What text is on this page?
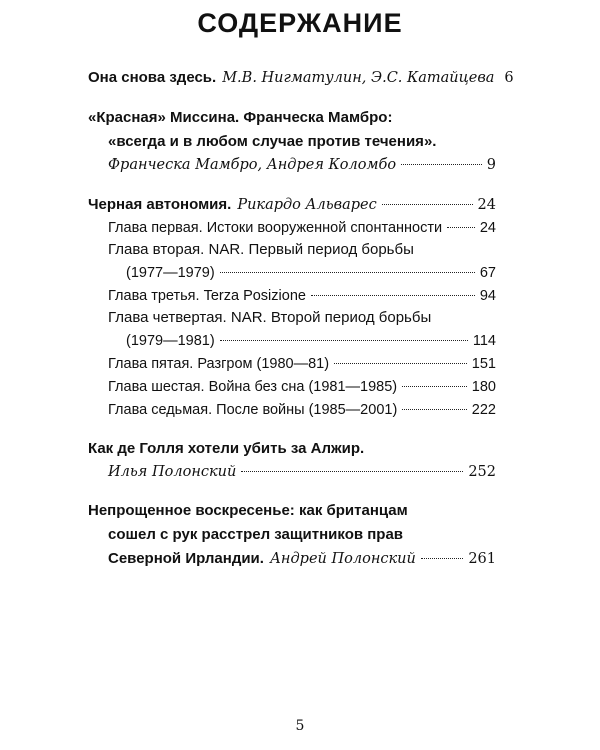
СОДЕРЖАНИЕ
Она снова здесь. М.В. Нигматулин, Э.С. Катайцева 6
«Красная» Миссина. Франческа Мамбро:
«всегда и в любом случае против течения».
Франческа Мамбро, Андрея Коломбо	9
Черная автономия. Рикардо Альварес	24
Глава первая. Истоки вооруженной спонтанности	24
Глава вторая. NAR. Первый период борьбы
(1977—1979)	67
Глава третья. Terza Posizione	94
Глава четвертая. NAR. Второй период борьбы
(1979—1981)	114
Глава пятая. Разгром (1980—81)	151
Глава шестая. Война без сна (1981—1985)	180
Глава седьмая. После войны (1985—2001)	222
Как де Голля хотели убить за Алжир.
Илья Полонский	252
Непрощенное воскресенье: как британцам
сошел с рук расстрел защитников прав
Северной Ирландии. Андрей Полонский	261
5
